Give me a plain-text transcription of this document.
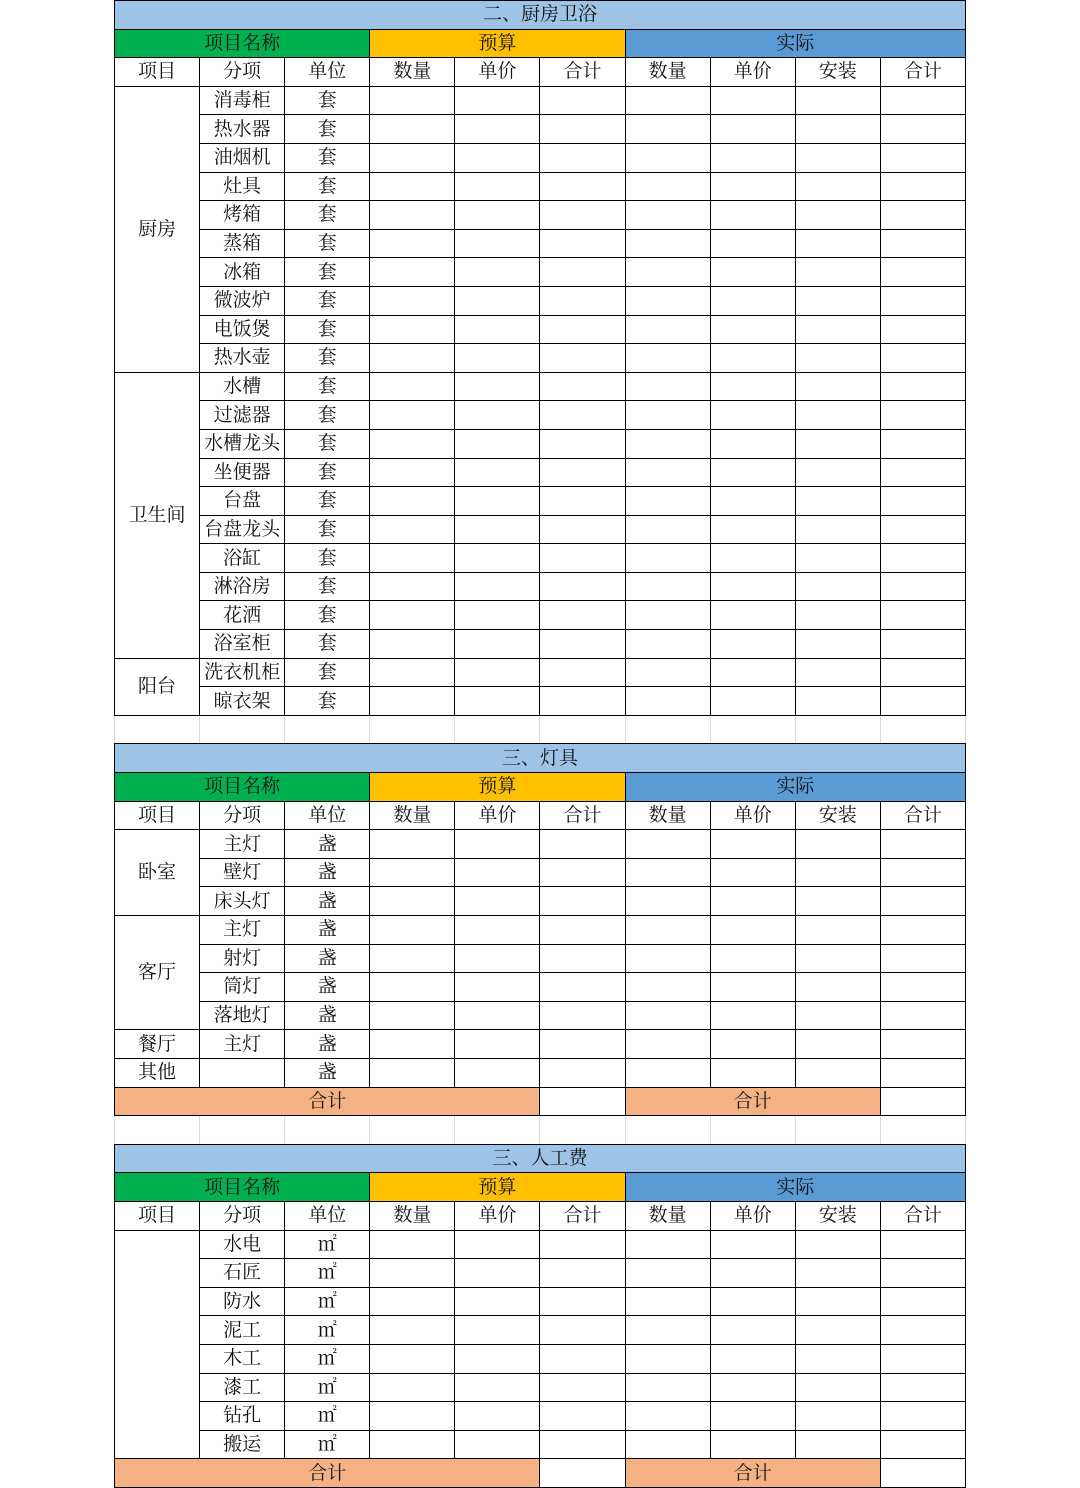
二、厨房卫浴									
项目名称			预算			实际			
项目	分项	单位	数量	单价	合计	数量	单价	安装	合计
厨房	消毒柜	套							
	热水器	套							
	油烟机	套							
	灶具	套							
	烤箱	套							
	蒸箱	套							
	冰箱	套							
	微波炉	套							
	电饭煲	套							
	热水壶	套							
卫生间	水槽	套							
	过滤器	套							
	水槽龙头	套							
	坐便器	套							
	台盘	套							
	台盘龙头	套							
	浴缸	套							
	淋浴房	套							
	花洒	套							
	浴室柜	套							
阳台	洗衣机柜	套							
	晾衣架	套							

三、灯具									
项目名称			预算			实际			
项目	分项	单位	数量	单价	合计	数量	单价	安装	合计
卧室	主灯	盏							
	壁灯	盏							
	床头灯	盏							
客厅	主灯	盏							
	射灯	盏							
	筒灯	盏							
	落地灯	盏							
餐厅	主灯	盏							
其他		盏							
合计						合计			

三、人工费									
项目名称			预算			实际			
项目	分项	单位	数量	单价	合计	数量	单价	安装	合计
	水电	㎡							
	石匠	㎡							
	防水	㎡							
	泥工	㎡							
	木工	㎡							
	漆工	㎡							
	钻孔	㎡							
	搬运	㎡							
合计						合计			
